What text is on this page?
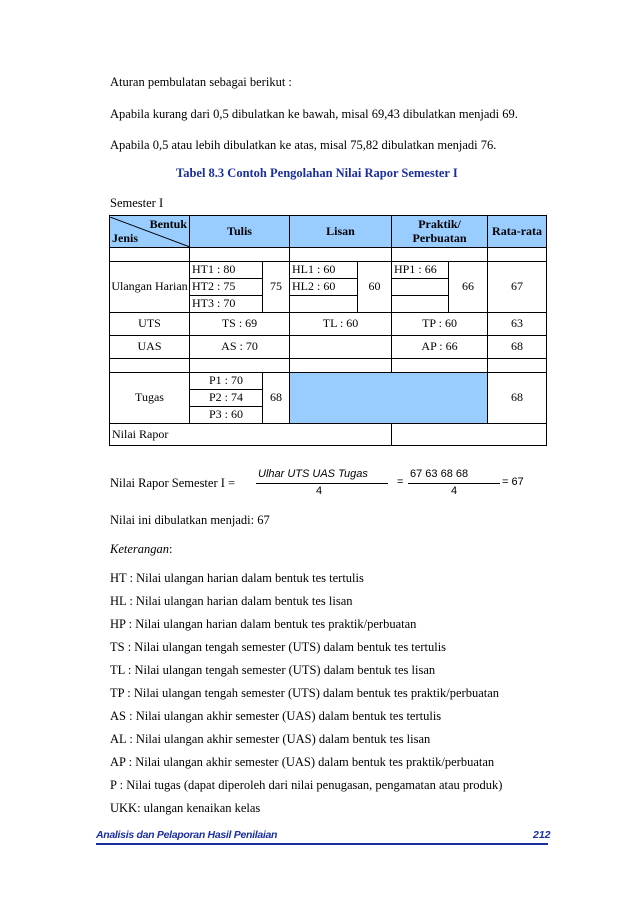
Aturan pembulatan sebagai berikut :
Apabila kurang dari 0,5 dibulatkan ke bawah, misal 69,43 dibulatkan menjadi 69.
Apabila 0,5 atau lebih dibulatkan ke atas, misal 75,82 dibulatkan menjadi 76.
Tabel 8.3 Contoh Pengolahan Nilai Rapor Semester I
Semester I
Bentuk
Jenis	Tulis		Lisan		Praktik/ Perbuatan		Rata-rata

Ulangan Harian	HT1 : 80	75	HL1 : 60	60	HP1 : 66	66	67
	HT2 : 75		HL2 : 60				
	HT3 : 70						
UTS	TS : 69		TL : 60		TP : 60		63
UAS	AS : 70				AP : 66		68

Tugas	P1 : 70	68					68
	P2 : 74						
	P3 : 60						
Nilai Rapor							
Nilai Rapor Semester I =
Ulhar UTS UAS Tugas
4
=
67 63 68 68
4
= 67
Nilai ini dibulatkan menjadi: 67
Keterangan:
HT : Nilai ulangan harian dalam bentuk tes tertulis
HL : Nilai ulangan harian dalam bentuk tes lisan
HP : Nilai ulangan harian dalam bentuk tes praktik/perbuatan
TS : Nilai ulangan tengah semester (UTS) dalam bentuk tes tertulis
TL : Nilai ulangan tengah semester (UTS) dalam bentuk tes lisan
TP : Nilai ulangan tengah semester (UTS) dalam bentuk tes praktik/perbuatan
AS : Nilai ulangan akhir semester (UAS) dalam bentuk tes tertulis
AL : Nilai ulangan akhir semester (UAS) dalam bentuk tes lisan
AP : Nilai ulangan akhir semester (UAS) dalam bentuk tes praktik/perbuatan
P : Nilai tugas (dapat diperoleh dari nilai penugasan, pengamatan atau produk)
UKK: ulangan kenaikan kelas
Analisis dan Pelaporan Hasil Penilaian	212
